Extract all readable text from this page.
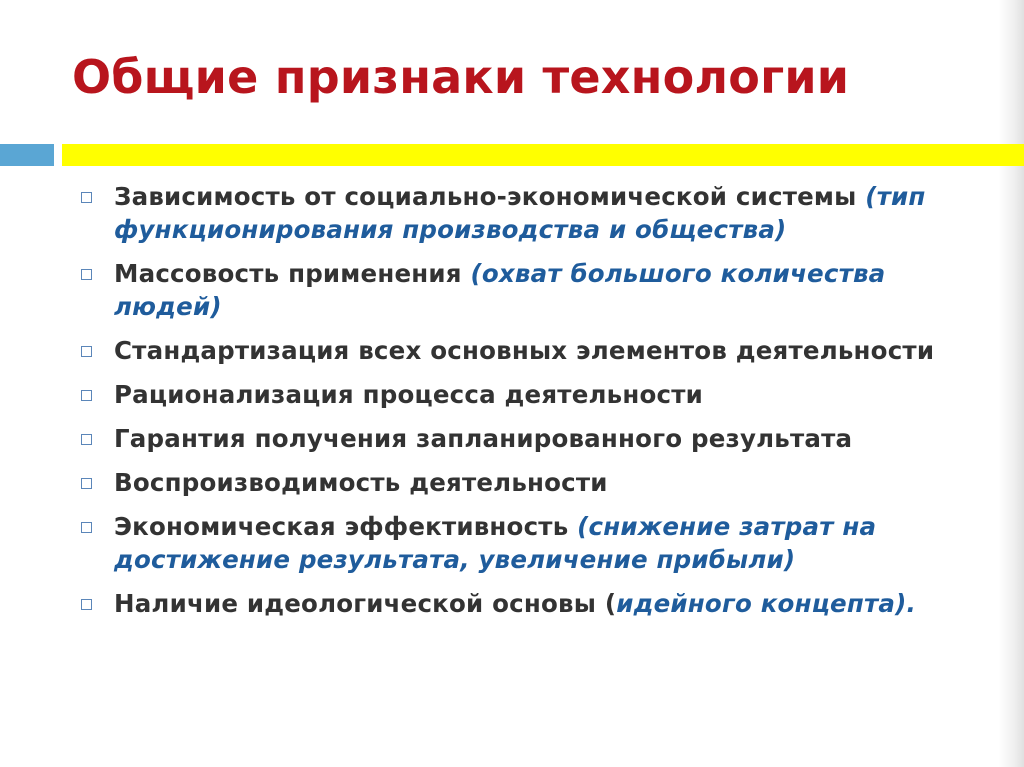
Общие признаки технологии
Зависимость от социально-экономической системы (тип функционирования производства и общества)
Массовость применения (охват большого количества людей)
Стандартизация всех основных элементов деятельности
Рационализация процесса деятельности
Гарантия получения запланированного результата
Воспроизводимость деятельности
Экономическая эффективность (снижение затрат на достижение результата, увеличение прибыли)
Наличие идеологической основы (идейного концепта).
